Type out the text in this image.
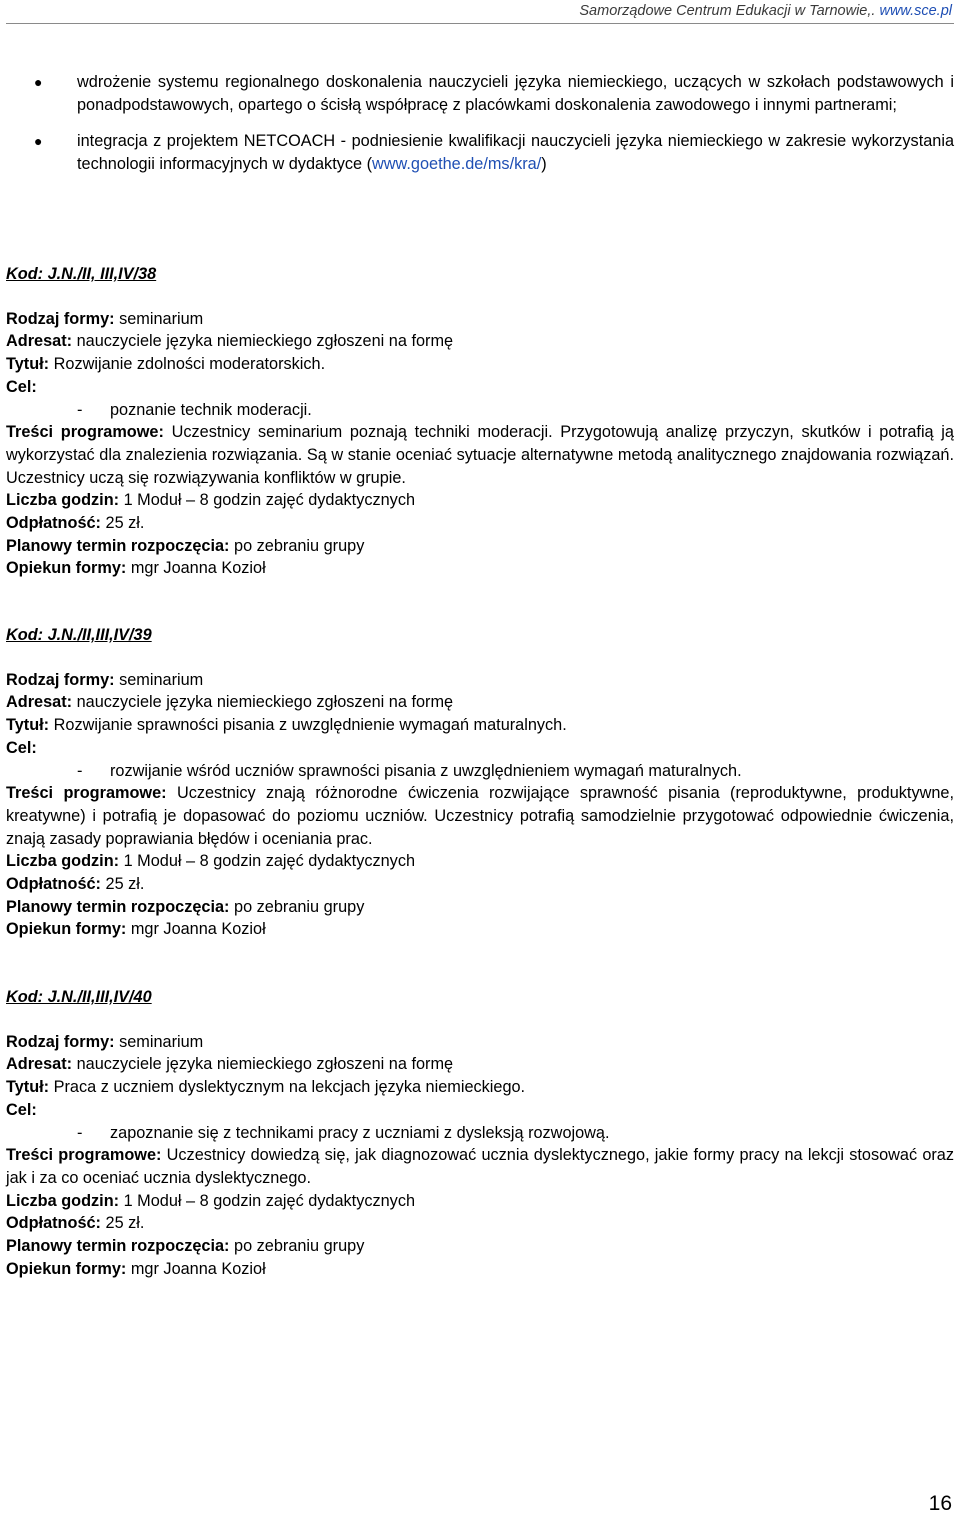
Samorządowe Centrum Edukacji w Tarnowie,. www.sce.pl
● wdrożenie systemu regionalnego doskonalenia nauczycieli języka niemieckiego, uczących w szkołach podstawowych i ponadpodstawowych, opartego o ścisłą współpracę z placówkami doskonalenia zawodowego i innymi partnerami;
● integracja z projektem NETCOACH - podniesienie kwalifikacji nauczycieli języka niemieckiego w zakresie wykorzystania technologii informacyjnych w dydaktyce (www.goethe.de/ms/kra/)

Kod: J.N./II, III,IV/38

Rodzaj formy: seminarium

Adresat: nauczyciele języka niemieckiego zgłoszeni na formę

Tytuł: Rozwijanie zdolności moderatorskich.

Cel:

- poznanie technik moderacji.

Treści programowe: Uczestnicy seminarium poznają techniki moderacji. Przygotowują analizę przyczyn, skutków i potrafią ją wykorzystać dla znalezienia rozwiązania. Są w stanie oceniać sytuacje alternatywne metodą analitycznego znajdowania rozwiązań. Uczestnicy uczą się rozwiązywania konfliktów w grupie.

Liczba godzin: 1 Moduł – 8 godzin zajęć dydaktycznych

Odpłatność: 25 zł.

Planowy termin rozpoczęcia: po zebraniu grupy

Opiekun formy: mgr Joanna Kozioł

Kod: J.N./II,III,IV/39

Rodzaj formy: seminarium

Adresat: nauczyciele języka niemieckiego zgłoszeni na formę

Tytuł: Rozwijanie sprawności pisania z uwzględnienie wymagań maturalnych.

Cel:

- rozwijanie wśród uczniów sprawności pisania z uwzględnieniem wymagań maturalnych.

Treści programowe: Uczestnicy znają różnorodne ćwiczenia rozwijające sprawność pisania (reproduktywne, produktywne, kreatywne) i potrafią je dopasować do poziomu uczniów. Uczestnicy potrafią samodzielnie przygotować odpowiednie ćwiczenia, znają zasady poprawiania błędów i oceniania prac.

Liczba godzin: 1 Moduł – 8 godzin zajęć dydaktycznych

Odpłatność: 25 zł.

Planowy termin rozpoczęcia: po zebraniu grupy

Opiekun formy: mgr Joanna Kozioł

Kod: J.N./II,III,IV/40

Rodzaj formy: seminarium

Adresat: nauczyciele języka niemieckiego zgłoszeni na formę

Tytuł: Praca z uczniem dyslektycznym na lekcjach języka niemieckiego.

Cel:

- zapoznanie się z technikami pracy z uczniami z dysleksją rozwojową.

Treści programowe: Uczestnicy dowiedzą się, jak diagnozować ucznia dyslektycznego, jakie formy pracy na lekcji stosować oraz jak i za co oceniać ucznia dyslektycznego.

Liczba godzin: 1 Moduł – 8 godzin zajęć dydaktycznych

Odpłatność: 25 zł.

Planowy termin rozpoczęcia: po zebraniu grupy

Opiekun formy: mgr Joanna Kozioł

16
